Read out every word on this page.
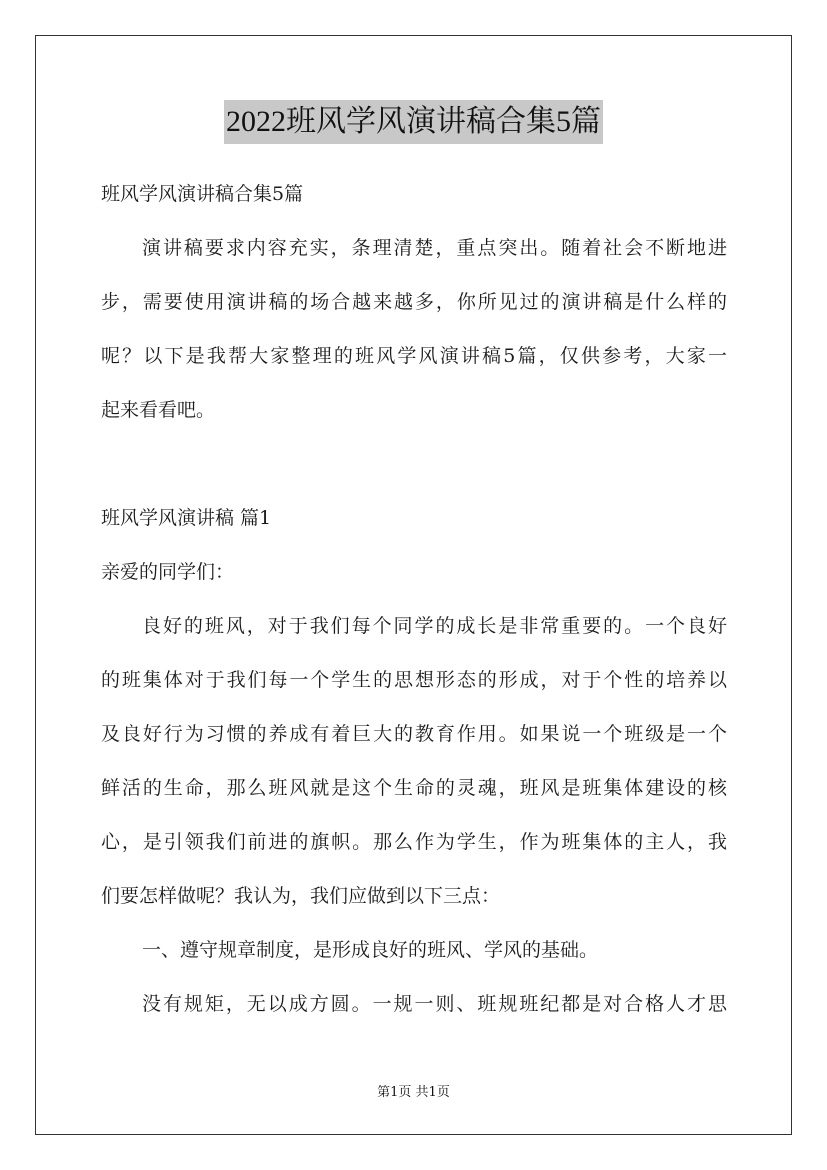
2022班风学风演讲稿合集5篇
班风学风演讲稿合集5篇
演讲稿要求内容充实，条理清楚，重点突出。随着社会不断地进
步，需要使用演讲稿的场合越来越多，你所见过的演讲稿是什么样的
呢？以下是我帮大家整理的班风学风演讲稿5篇，仅供参考，大家一
起来看看吧。
班风学风演讲稿 篇1
亲爱的同学们：
良好的班风，对于我们每个同学的成长是非常重要的。一个良好
的班集体对于我们每一个学生的思想形态的形成，对于个性的培养以
及良好行为习惯的养成有着巨大的教育作用。如果说一个班级是一个
鲜活的生命，那么班风就是这个生命的灵魂，班风是班集体建设的核
心，是引领我们前进的旗帜。那么作为学生，作为班集体的主人，我
们要怎样做呢？我认为，我们应做到以下三点：
一、遵守规章制度，是形成良好的班风、学风的基础。
没有规矩，无以成方圆。一规一则、班规班纪都是对合格人才思
第1页 共1页
